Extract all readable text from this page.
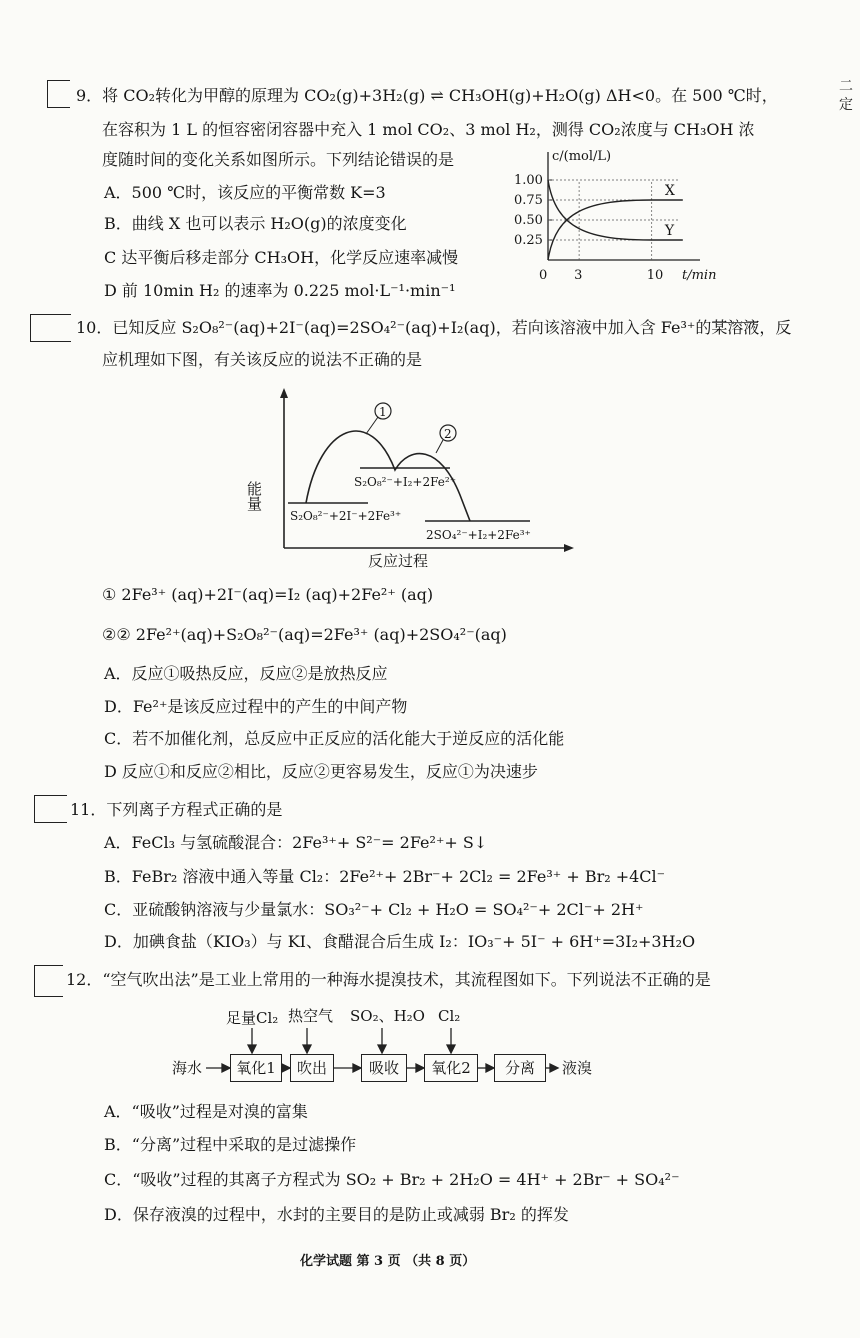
9．将 CO₂转化为甲醇的原理为 CO₂(g)+3H₂(g) ⇌ CH₃OH(g)+H₂O(g) ΔH<0。在 500 ℃时，
在容积为 1 L 的恒容密闭容器中充入 1 mol CO₂、3 mol H₂，测得 CO₂浓度与 CH₃OH 浓
度随时间的变化关系如图所示。下列结论错误的是
A．500 ℃时，该反应的平衡常数 K=3
B．曲线 X 也可以表示 H₂O(g)的浓度变化
C 达平衡后移走部分 CH₃OH，化学反应速率减慢
D 前 10min H₂ 的速率为 0.225 mol·L⁻¹·min⁻¹
二 定
c/(mol/L)
t/min
1.00
0.75
0.50
0.25
0 3	10
X
Y
10．已知反应 S₂O₈²⁻(aq)+2I⁻(aq)=2SO₄²⁻(aq)+I₂(aq)，若向该溶液中加入含 Fe³⁺的某溶液，反
应机理如下图，有关该反应的说法不正确的是
能量
反应过程
1
2
S₂O₈²⁻+I₂+2Fe²⁺
S₂O₈²⁻+2I⁻+2Fe³⁺
2SO₄²⁻+I₂+2Fe³⁺
① 2Fe³⁺ (aq)+2I⁻(aq)=I₂ (aq)+2Fe²⁺ (aq)
②② 2Fe²⁺(aq)+S₂O₈²⁻(aq)=2Fe³⁺ (aq)+2SO₄²⁻(aq)
A．反应①吸热反应，反应②是放热反应
D．Fe²⁺是该反应过程中的产生的中间产物
C．若不加催化剂，总反应中正反应的活化能大于逆反应的活化能
D 反应①和反应②相比，反应②更容易发生，反应①为决速步
11．下列离子方程式正确的是
A．FeCl₃ 与氢硫酸混合：2Fe³⁺+ S²⁻= 2Fe²⁺+ S↓
B．FeBr₂ 溶液中通入等量 Cl₂：2Fe²⁺+ 2Br⁻+ 2Cl₂ = 2Fe³⁺ + Br₂ +4Cl⁻
C．亚硫酸钠溶液与少量氯水：SO₃²⁻+ Cl₂ + H₂O = SO₄²⁻+ 2Cl⁻+ 2H⁺
D．加碘食盐（KIO₃）与 KI、食醋混合后生成 I₂：IO₃⁻+ 5I⁻ + 6H⁺=3I₂+3H₂O
12．“空气吹出法”是工业上常用的一种海水提溴技术，其流程图如下。下列说法不正确的是
足量Cl₂ 热空气 SO₂、H₂O Cl₂
海水	氧化1	吹出	吸收	氧化2	分离	液溴
A．“吸收”过程是对溴的富集
B．“分离”过程中采取的是过滤操作
C．“吸收”过程的其离子方程式为 SO₂ + Br₂ + 2H₂O = 4H⁺ + 2Br⁻ + SO₄²⁻
D．保存液溴的过程中，水封的主要目的是防止或减弱 Br₂ 的挥发
化学试题 第 3 页 （共 8 页）
